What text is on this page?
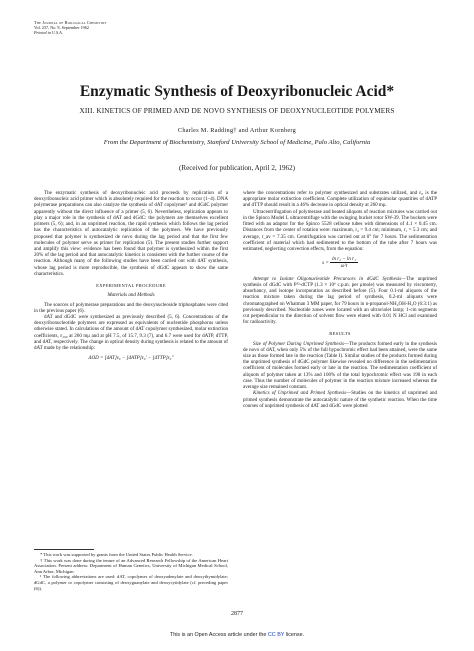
The Journal of Biological Chemistry
Vol. 237, No. 9, September 1962
Printed in U.S.A.
Enzymatic Synthesis of Deoxyribonucleic Acid*
XIII. KINETICS OF PRIMED AND DE NOVO SYNTHESIS OF DEOXYNUCLEOTIDE POLYMERS
Charles M. Radding† and Arthur Kornberg
From the Department of Biochemistry, Stanford University School of Medicine, Palo Alto, California
(Received for publication, April 2, 1962)

The enzymatic synthesis of deoxyribonucleic acid proceeds by replication of a deoxyribonucleic acid primer which is absolutely required for the reaction to occur (1–4). DNA polymerase preparations can also catalyze the synthesis of dAT copolymer¹ and dGdC polymer apparently without the direct influence of a primer (5, 6). Nevertheless, replication appears to play a major role in the synthesis of dAT and dGdC: the polymers are themselves excellent primers (5, 6); and, in an unprimed reaction, the rapid synthesis which follows the lag period has the characteristics of autocatalytic replication of the polymers. We have previously proposed that polymer is synthesized de novo during the lag period and that the first few molecules of polymer serve as primer for replication (5). The present studies further support and amplify this view: evidence has been found that polymer is synthesized within the first 20% of the lag period and that autocatalytic kinetics is consistent with the further course of the reaction. Although many of the following studies have been carried out with dAT synthesis, whose lag period is more reproducible, the synthesis of dGdC appears to show the same characteristics.

EXPERIMENTAL PROCEDURE
Materials and Methods

The sources of polymerase preparations and the deoxynucleoside triphosphates were cited in the previous paper (6).

dAT and dGdC were synthesized as previously described (5, 6). Concentrations of the deoxyribonucleotide polymers are expressed as equivalents of nucleotide phosphorus unless otherwise stated. In calculations of the amount of dAT copolymer synthesized, molar extinction coefficients, ε₂₆₀ at 260 mμ and at pH 7.5, of 15.7, 9.3 (7), and 6.7 were used for dATP, dTTP, and dAT, respectively. The change in optical density during synthesis is related to the amount of dAT made by the relationship:

ΔOD = [dAT]ε₀ − [dATP]ε₀′ − [dTTP]ε₀″

* This work was supported by grants from the United States Public Health Service.

† This work was done during the tenure of an Advanced Research Fellowship of the American Heart Association. Present address: Department of Human Genetics, University of Michigan Medical School, Ann Arbor, Michigan

¹ The following abbreviations are used: dAT, copolymer of deoxyadenylate and deoxythymidylate; dGdC, a polymer or copolymer consisting of deoxyguanylate and deoxycytidylate (cf. preceding paper (6)).

where the concentrations refer to polymer synthesized and substrates utilized, and ε₀ is the appropriate molar extinction coefficient. Complete utilization of equimolar quantities of dATP and dTTP should result in a 46% decrease in optical density at 260 mμ.

Ultracentrifugation of polymerase and heated aliquots of reaction mixtures was carried out in the Spinco Model L ultracentrifuge with the swinging bucket rotor SW-39. The buckets were fitted with an adaptor for the Spinco 5528 celluose tubes with dimensions of 4.1 × 0.45 cm. Distances from the center of rotation were: maximum, r₂ = 9.4 cm; minimum, r₁ = 5.3 cm; and average, r_av = 7.35 cm. Centrifugation was carried out at 0° for 7 hours. The sedimentation coefficient of material which had sedimented to the bottom of the tube after 7 hours was estimated, neglecting convection effects, from the equation:

$s = \frac{\text{ln r₂ − ln r₁}}{\text{ω²t}}$

Attempt to Isolate Oligonucleotide Precursors in dGdC Synthesis—The unprimed synthesis of dGdC with P³²-dCTP (1.3 × 10⁶ c.p.m. per μmole) was measured by viscometry, absorbancy, and isotope incorporation as described before (5). Four 0.1-ml aliquots of the reaction mixture taken during the lag period of synthesis, 0.2-ml aliquots were chromatographed on Whatman 3 MM paper, for 79 hours in n-propanol-NH₄OH-H₂O (6:3:1) as previously described. Nucleotide zones were located with an ultraviolet lamp; 1-cm segments cut perpendicular to the direction of solvent flow were eluted with 0.01 N HCl and examined for radioactivity.

RESULTS

Size of Polymer During Unprimed Synthesis—The products formed early in the synthesis de novo of dAT, when only 5% of the full hypochromic effect had been attained, were the same size as those formed late in the reaction (Table I). Similar studies of the products formed during the unprimed synthesis of dGdC polymer likewise revealed no difference in the sedimentation coefficient of molecules formed early or late in the reaction. The sedimentation coefficient of aliquots of polymer taken at 13% and 100% of the total hypochromic effect was 198 in each case. Thus the number of molecules of polymer in the reaction mixture increased whereas the average size remained constant.

Kinetics of Unprimed and Primed Synthesis—Studies on the kinetics of unprimed and primed synthesis demonstrate the autocatalytic nature of the synthetic reaction. When the time courses of unprimed synthesis of dAT and dGdC were plotted

2877
This is an Open Access article under the CC BY license.
